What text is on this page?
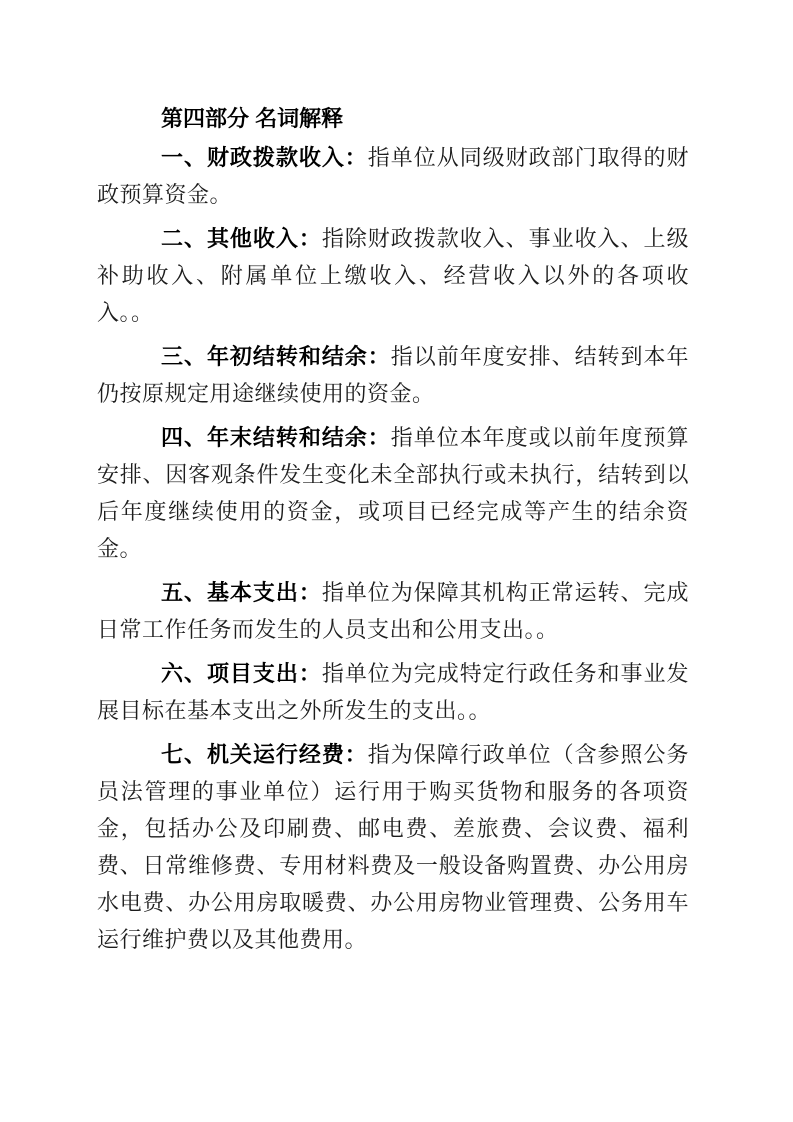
第四部分 名词解释

一、财政拨款收入：指单位从同级财政部门取得的财政预算资金。

二、其他收入：指除财政拨款收入、事业收入、上级补助收入、附属单位上缴收入、经营收入以外的各项收入。。

三、年初结转和结余：指以前年度安排、结转到本年仍按原规定用途继续使用的资金。

四、年末结转和结余：指单位本年度或以前年度预算安排、因客观条件发生变化未全部执行或未执行，结转到以后年度继续使用的资金，或项目已经完成等产生的结余资金。

五、基本支出：指单位为保障其机构正常运转、完成日常工作任务而发生的人员支出和公用支出。。

六、项目支出：指单位为完成特定行政任务和事业发展目标在基本支出之外所发生的支出。。

七、机关运行经费：指为保障行政单位（含参照公务员法管理的事业单位）运行用于购买货物和服务的各项资金，包括办公及印刷费、邮电费、差旅费、会议费、福利费、日常维修费、专用材料费及一般设备购置费、办公用房水电费、办公用房取暖费、办公用房物业管理费、公务用车运行维护费以及其他费用。
